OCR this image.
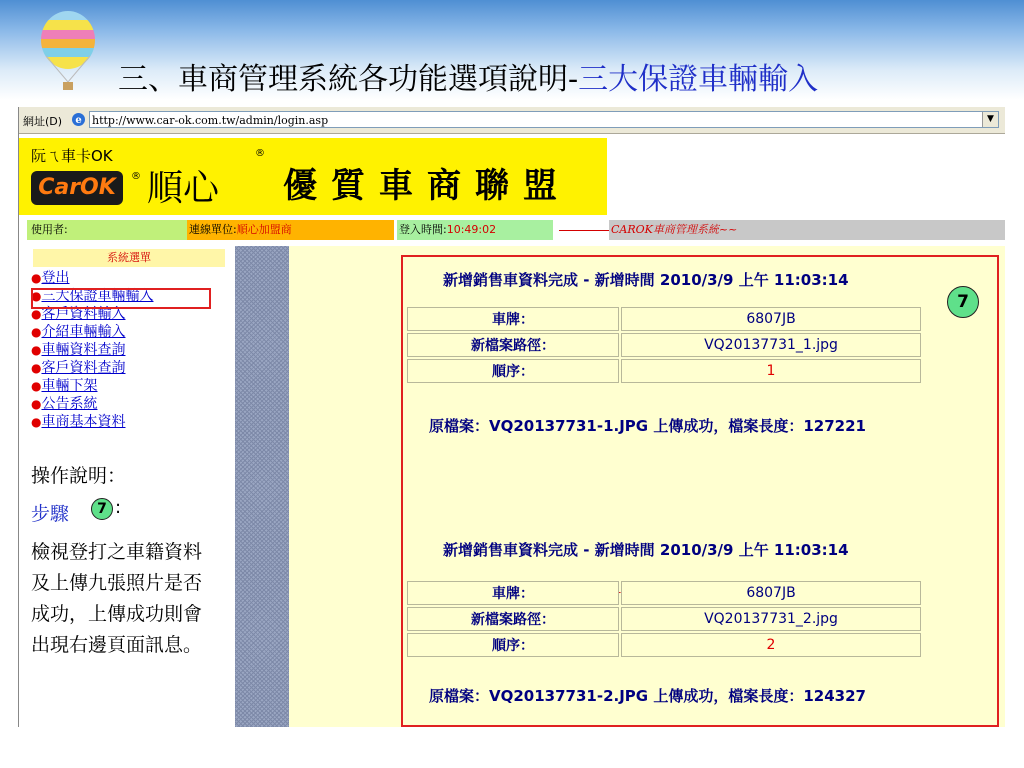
三、車商管理系統各功能選項說明-三大保證車輛輸入
網址(D) e http://www.car-ok.com.tw/admin/login.asp	▼
阮ㄟ車卡OK
CarOK	® 順心
®
優質車商聯盟
使用者:	連線單位:順心加盟商	登入時間:10:49:02	CAROK車商管理系統~~
系統選單
●登出
●三大保證車輛輸入
●客戶資料輸入
●介紹車輛輸入
●車輛資料查詢
●客戶資料查詢
●車輛下架
●公告系統
●車商基本資料
操作說明：
步驟	7 :
檢視登打之車籍資料及上傳九張照片是否成功，上傳成功則會出現右邊頁面訊息。
7
新增銷售車資料完成 - 新增時間 2010/3/9 上午 11:03:14
車牌：	6807JB
新檔案路徑：	VQ20137731_1.jpg
順序：	1
原檔案：VQ20137731-1.JPG 上傳成功，檔案長度：127221
新增銷售車資料完成 - 新增時間 2010/3/9 上午 11:03:14
車牌：	6807JB
新檔案路徑：	VQ20137731_2.jpg
順序：	2
原檔案：VQ20137731-2.JPG 上傳成功，檔案長度：124327
